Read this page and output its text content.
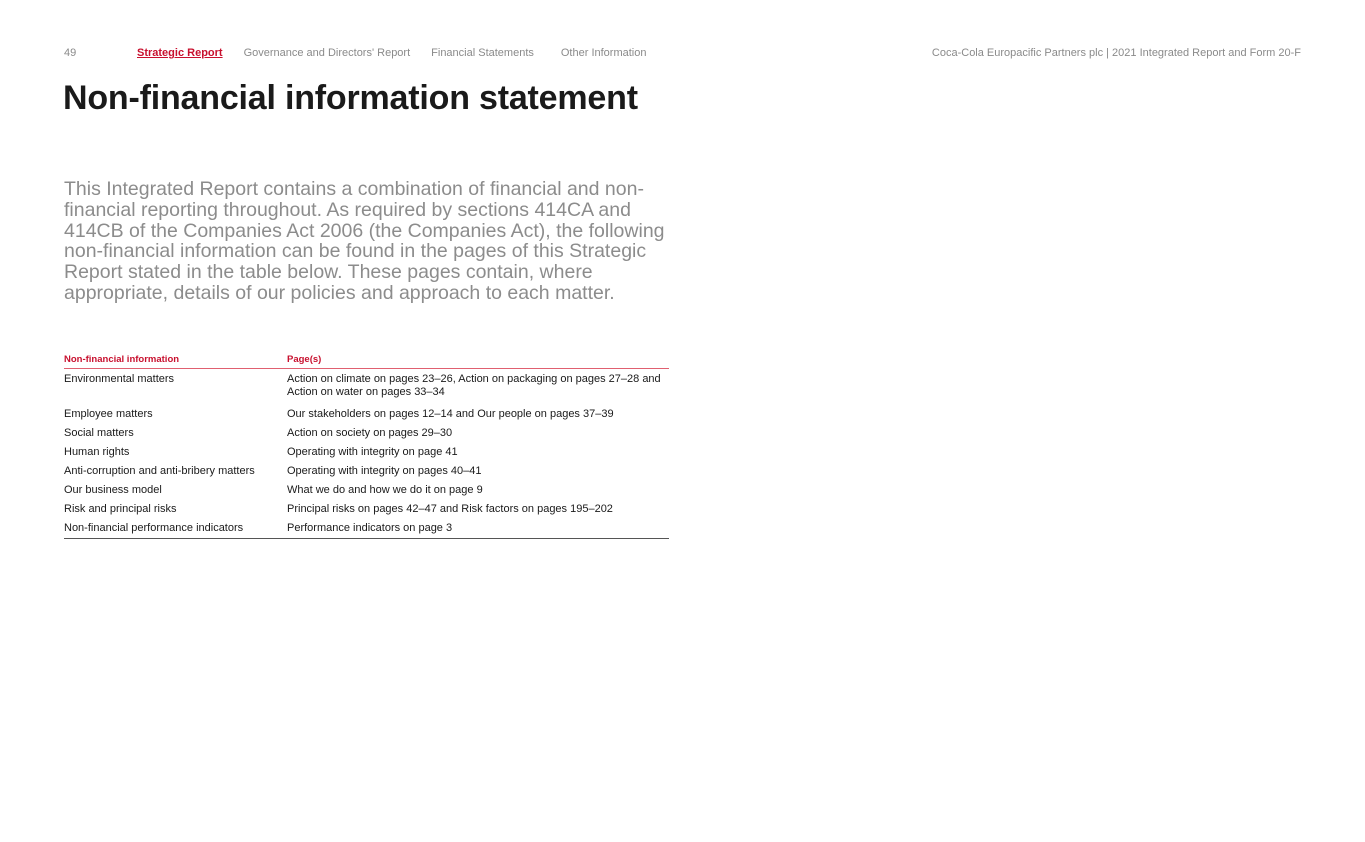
49	Strategic Report Governance and Directors' Report Financial Statements Other Information	Coca-Cola Europacific Partners plc | 2021 Integrated Report and Form 20-F
Non-financial information statement

This Integrated Report contains a combination of financial and non-financial reporting throughout. As required by sections 414CA and 414CB of the Companies Act 2006 (the Companies Act), the following non-financial information can be found in the pages of this Strategic Report stated in the table below. These pages contain, where appropriate, details of our policies and approach to each matter.

Non-financial information	Page(s)
Environmental matters	Action on climate on pages 23–26, Action on packaging on pages 27–28 and Action on water on pages 33–34
Employee matters	Our stakeholders on pages 12–14 and Our people on pages 37–39
Social matters	Action on society on pages 29–30
Human rights	Operating with integrity on page 41
Anti-corruption and anti-bribery matters	Operating with integrity on pages 40–41
Our business model	What we do and how we do it on page 9
Risk and principal risks	Principal risks on pages 42–47 and Risk factors on pages 195–202
Non-financial performance indicators	Performance indicators on page 3
